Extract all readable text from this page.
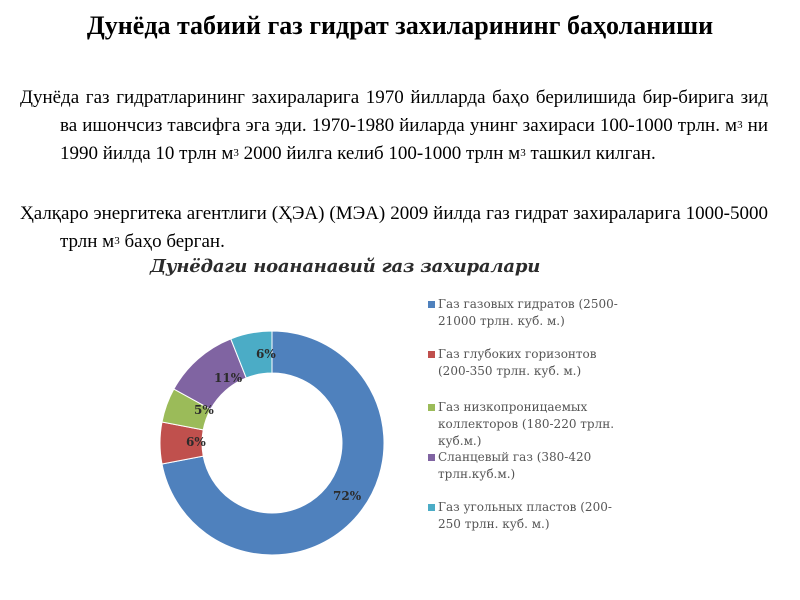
Дунёда табиий газ гидрат захиларининг баҳоланиши
Дунёда газ гидратларининг захираларига 1970 йилларда баҳо берилишида бир-бирига зид ва ишончсиз тавсифга эга эди. 1970-1980 йиларда унинг захираси 100-1000 трлн. $м^3$ ни 1990 йилда 10 трлн $м^3$ 2000 йилга келиб 100-1000 трлн $м^3$ ташкил килган.
Ҳалқаро энергитека агентлиги (ҲЭА) (МЭА) 2009 йилда газ гидрат захираларига 1000-5000 трлн $м^3$ баҳо берган.
Дунёдаги ноананавий газ захиралари
72%
6%
5%
11%
6%
Газ газовых гидратов (2500-21000 трлн. куб. м.)
Газ глубоких горизонтов (200-350 трлн. куб. м.)
Газ низкопроницаемых коллекторов (180-220 трлн. куб.м.)
Сланцевый газ (380-420 трлн.куб.м.)
Газ угольных пластов (200-250 трлн. куб. м.)
